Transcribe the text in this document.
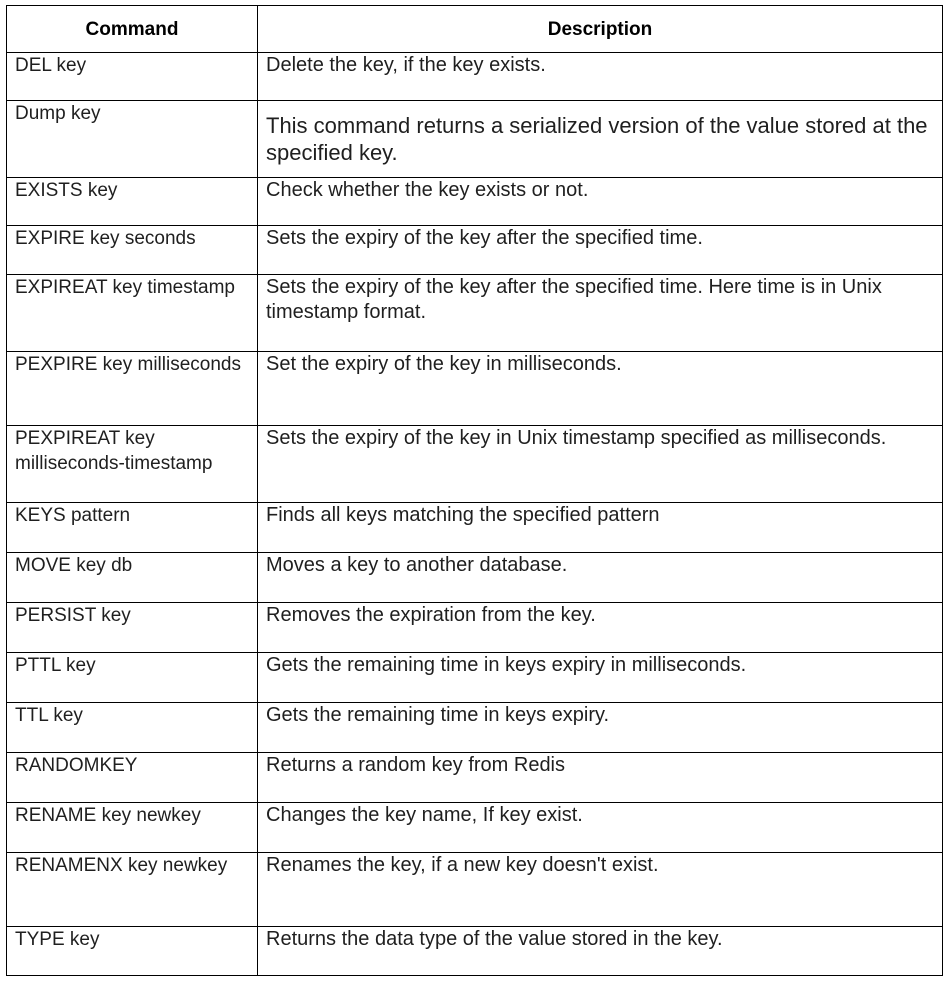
Command	Description
DEL key	Delete the key, if the key exists.
Dump key	This command returns a serialized version of the value stored at the specified key.
EXISTS key	Check whether the key exists or not.
EXPIRE key seconds	Sets the expiry of the key after the specified time.
EXPIREAT key timestamp	Sets the expiry of the key after the specified time. Here time is in Unix timestamp format.
PEXPIRE key milliseconds	Set the expiry of the key in milliseconds.
PEXPIREAT key milliseconds-timestamp	Sets the expiry of the key in Unix timestamp specified as milliseconds.
KEYS pattern	Finds all keys matching the specified pattern
MOVE key db	Moves a key to another database.
PERSIST key	Removes the expiration from the key.
PTTL key	Gets the remaining time in keys expiry in milliseconds.
TTL key	Gets the remaining time in keys expiry.
RANDOMKEY	Returns a random key from Redis
RENAME key newkey	Changes the key name, If key exist.
RENAMENX key newkey	Renames the key, if a new key doesn't exist.
TYPE key	Returns the data type of the value stored in the key.
